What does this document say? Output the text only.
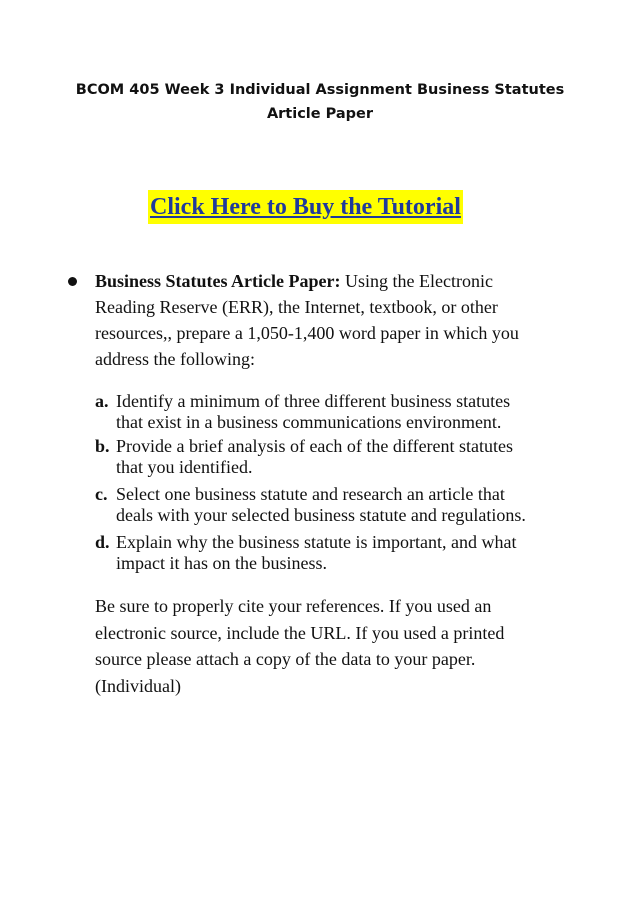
BCOM 405 Week 3 Individual Assignment Business Statutes
Article Paper
Click Here to Buy the Tutorial
Business Statutes Article Paper: Using the Electronic
Reading Reserve (ERR), the Internet, textbook, or other
resources,, prepare a 1,050-1,400 word paper in which you
address the following:
a. Identify a minimum of three different business statutes
that exist in a business communications environment.
b. Provide a brief analysis of each of the different statutes
that you identified.
c. Select one business statute and research an article that
deals with your selected business statute and regulations.
d. Explain why the business statute is important, and what
impact it has on the business.
Be sure to properly cite your references. If you used an
electronic source, include the URL. If you used a printed
source please attach a copy of the data to your paper.
(Individual)
